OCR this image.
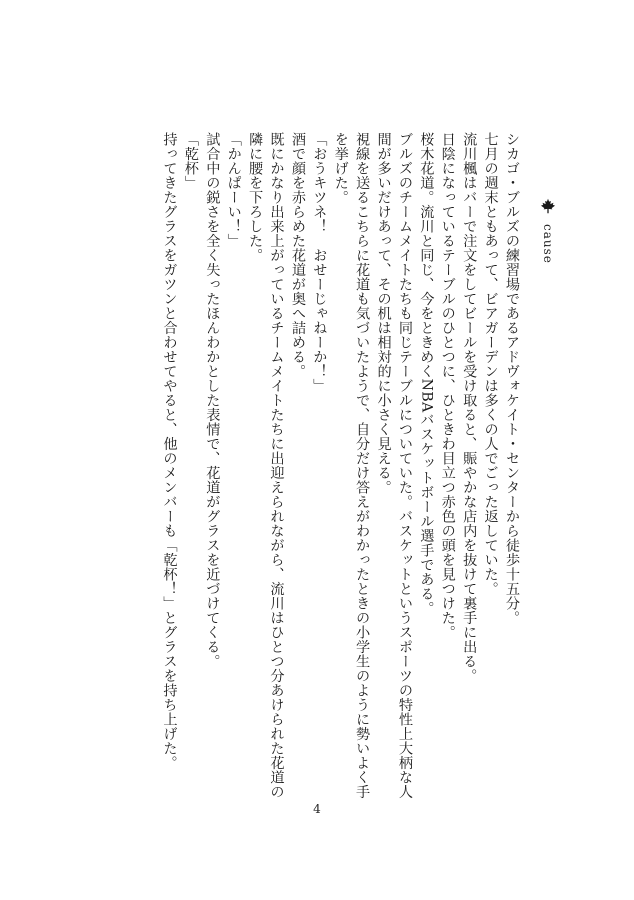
cause

シカゴ・ブルズの練習場であるアドヴォケイト・センターから徒歩十五分。

七月の週末ともあって、ビアガーデンは多くの人でごった返していた。

流川楓はバーで注文をしてビールを受け取ると、賑やかな店内を抜けて裏手に出る。

日陰になっているテーブルのひとつに、ひときわ目立つ赤色の頭を見つけた。

桜木花道。流川と同じ、今をときめくNBAバスケットボール選手である。

ブルズのチームメイトたちも同じテーブルについていた。バスケットというスポーツの特性上大柄な人

間が多いだけあって、その机は相対的に小さく見える。

視線を送るこちらに花道も気づいたようで、自分だけ答えがわかったときの小学生のように勢いよく手

を挙げた。

「おうキツネ！　おせーじゃねーか！」

酒で顔を赤らめた花道が奥へ詰める。

既にかなり出来上がっているチームメイトたちに出迎えられながら、流川はひとつ分あけられた花道の

隣に腰を下ろした。

「かんぱーい！」

試合中の鋭さを全く失ったほんわかとした表情で、花道がグラスを近づけてくる。

「乾杯」

持ってきたグラスをガツンと合わせてやると、他のメンバーも「乾杯！」とグラスを持ち上げた。

4
